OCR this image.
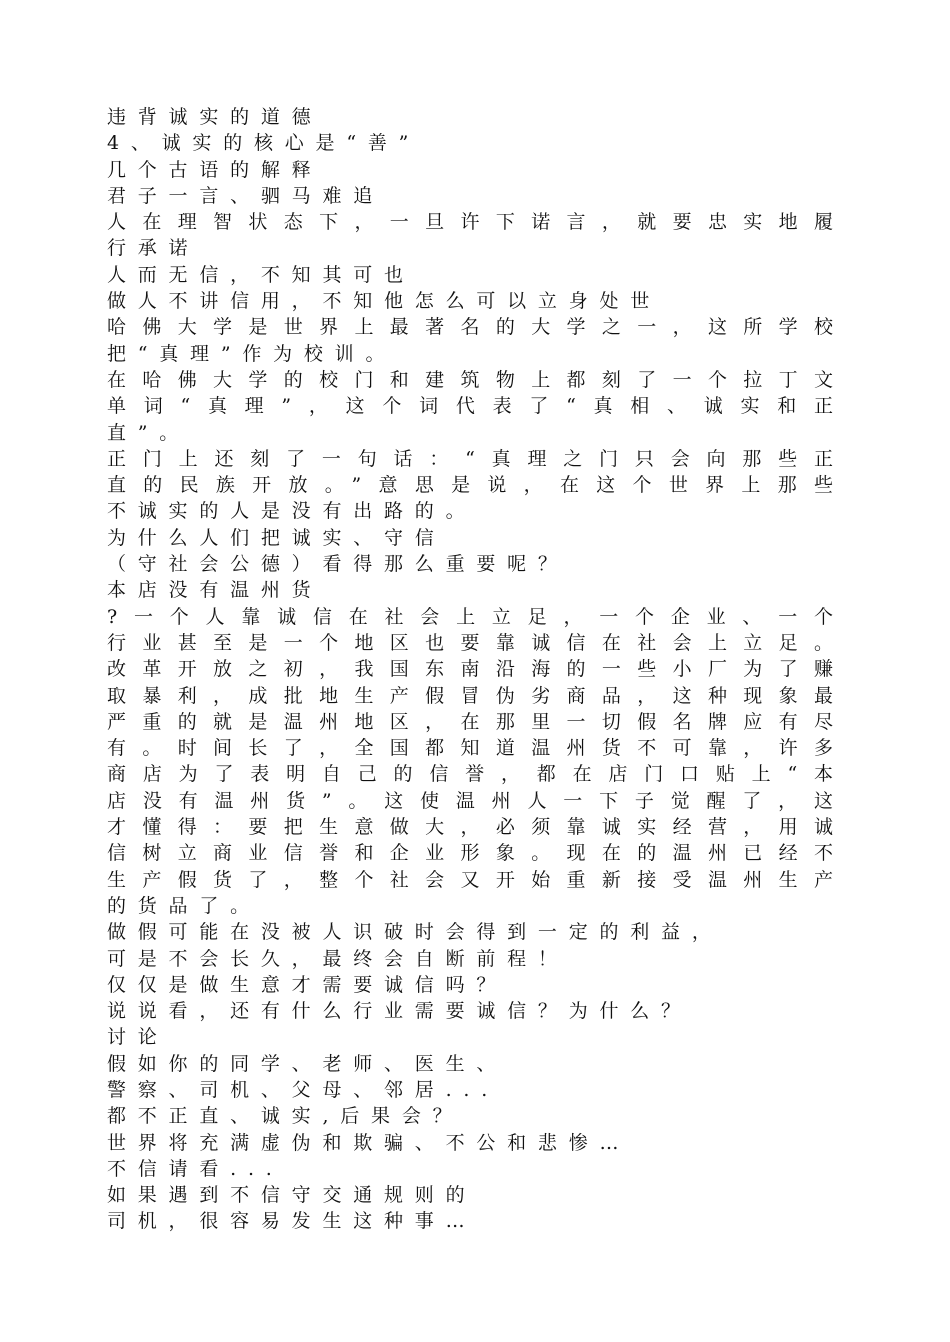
违背诚实的道德
4、诚实的核心是“善”
几个古语的解释
君子一言、驷马难追
人在理智状态下，一旦许下诺言，就要忠实地履
行承诺
人而无信，不知其可也
做人不讲信用，不知他怎么可以立身处世
哈佛大学是世界上最著名的大学之一，这所学校
把“真理”作为校训。
在哈佛大学的校门和建筑物上都刻了一个拉丁文
单词“真理”，这个词代表了“真相、诚实和正
直”。
正门上还刻了一句话：“真理之门只会向那些正
直的民族开放。”意思是说，在这个世界上那些
不诚实的人是没有出路的。
为什么人们把诚实、守信
（守社会公德）看得那么重要呢？
本店没有温州货
?一个人靠诚信在社会上立足，一个企业、一个
行业甚至是一个地区也要靠诚信在社会上立足。
改革开放之初，我国东南沿海的一些小厂为了赚
取暴利，成批地生产假冒伪劣商品，这种现象最
严重的就是温州地区，在那里一切假名牌应有尽
有。时间长了，全国都知道温州货不可靠，许多
商店为了表明自己的信誉，都在店门口贴上“本
店没有温州货”。这使温州人一下子觉醒了，这
才懂得：要把生意做大，必须靠诚实经营，用诚
信树立商业信誉和企业形象。现在的温州已经不
生产假货了，整个社会又开始重新接受温州生产
的货品了。
做假可能在没被人识破时会得到一定的利益，
可是不会长久，最终会自断前程！
仅仅是做生意才需要诚信吗？
说说看，还有什么行业需要诚信？为什么？
讨论
假如你的同学、老师、医生、
警察、司机、父母、邻居...
都不正直、诚实,后果会？
世界将充满虚伪和欺骗、不公和悲惨…
不信请看...
如果遇到不信守交通规则的
司机，很容易发生这种事…
